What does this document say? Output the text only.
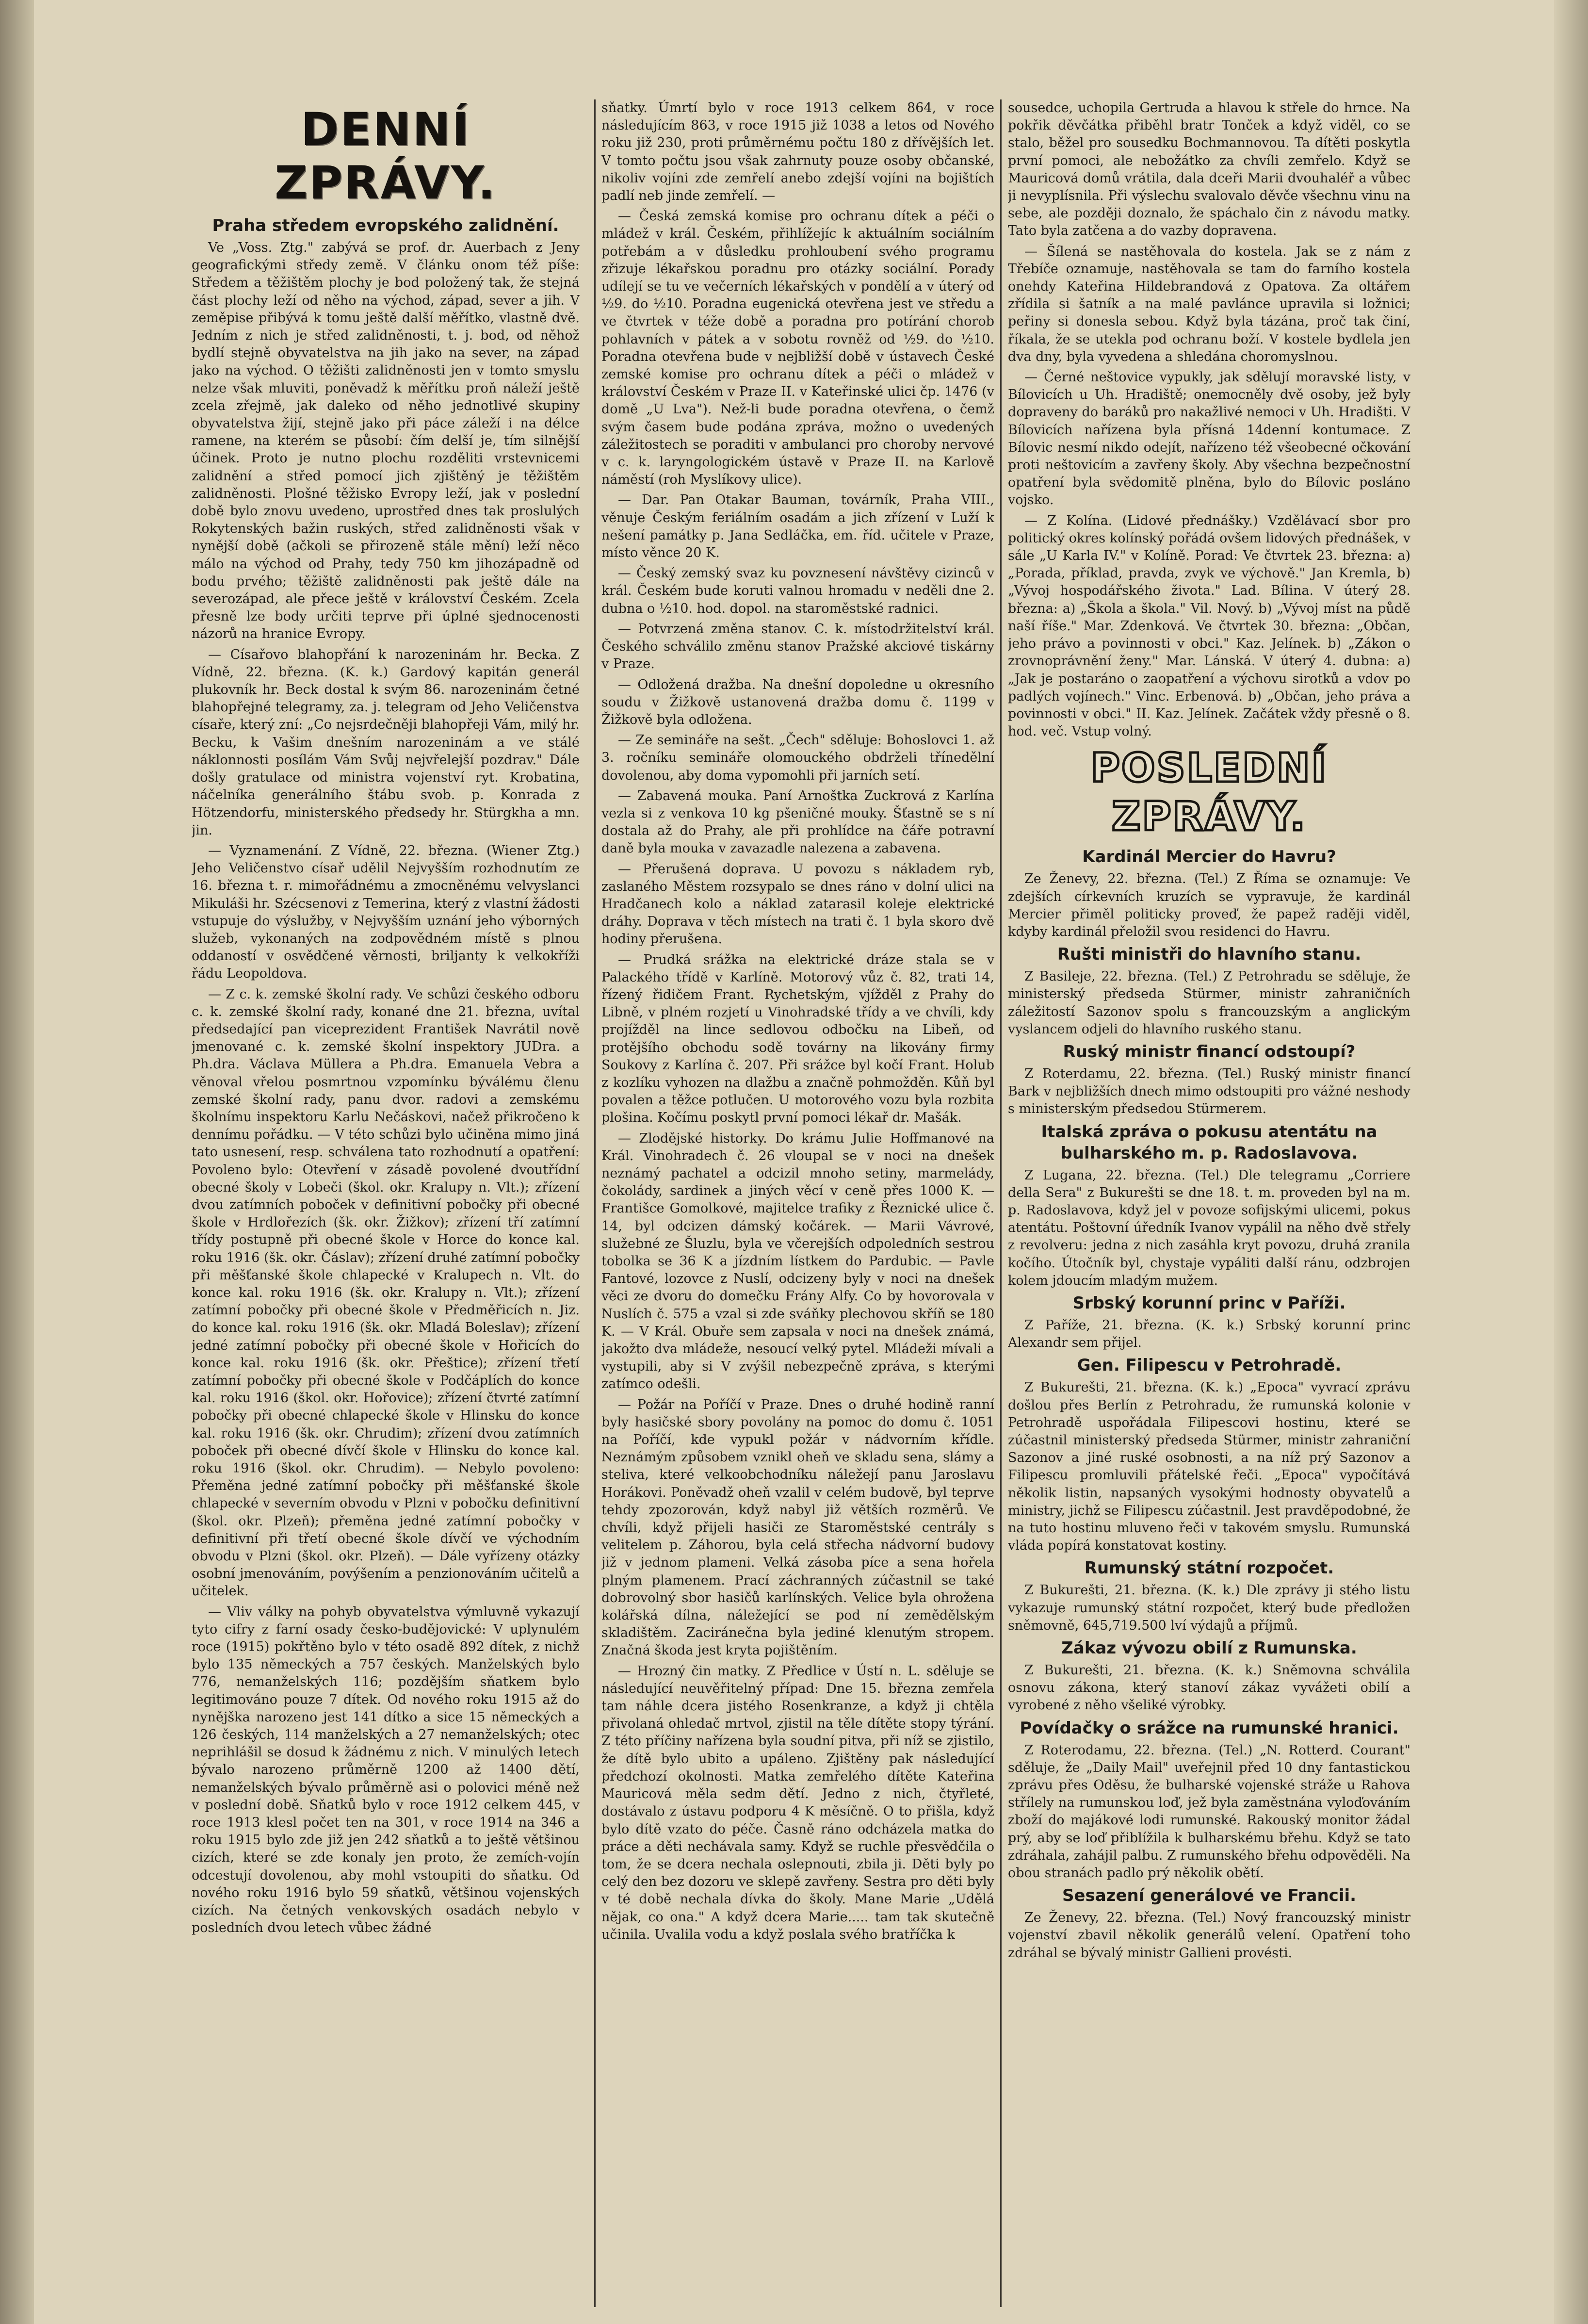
DENNÍ ZPRÁVY.
Praha středem evropského zalidnění.

Ve „Voss. Ztg." zabývá se prof. dr. Auerbach z Jeny geografickými středy země. V článku onom též píše: Středem a těžištěm plochy je bod položený tak, že stejná část plochy leží od něho na východ, západ, sever a jih. V zeměpise přibývá k tomu ještě další měřítko, vlastně dvě. Jedním z nich je střed zalidněnosti, t. j. bod, od něhož bydlí stejně obyvatelstva na jih jako na sever, na západ jako na východ. O těžišti zalidněnosti jen v tomto smyslu nelze však mluviti, poněvadž k měřítku proň náleží ještě zcela zřejmě, jak daleko od něho jednotlivé skupiny obyvatelstva žijí, stejně jako při páce záleží i na délce ramene, na kterém se působí: čím delší je, tím silnější účinek. Proto je nutno plochu rozděliti vrstevnicemi zalidnění a střed pomocí jich zjištěný je těžištěm zalidněnosti. Plošné těžisko Evropy leží, jak v poslední době bylo znovu uvedeno, uprostřed dnes tak proslulých Rokytenských bažin ruských, střed zalidněnosti však v nynější době (ačkoli se přirozeně stále mění) leží něco málo na východ od Prahy, tedy 750 km jihozápadně od bodu prvého; těžiště zalidněnosti pak ještě dále na severozápad, ale přece ještě v království Českém. Zcela přesně lze body určiti teprve při úplné sjednocenosti názorů na hranice Evropy.

— Císařovo blahopřání k narozeninám hr. Becka. Z Vídně, 22. března. (K. k.) Gardový kapitán generál plukovník hr. Beck dostal k svým 86. narozeninám četné blahopřejné telegramy, za. j. telegram od Jeho Veličenstva císaře, který zní: „Co nejsrdečněji blahopřeji Vám, milý hr. Becku, k Vašim dnešním narozeninám a ve stálé náklonnosti posílám Vám Svůj nejvřelejší pozdrav." Dále došly gratulace od ministra vojenství ryt. Krobatina, náčelníka generálního štábu svob. p. Konrada z Hötzendorfu, ministerského předsedy hr. Stürgkha a mn. jin.

— Vyznamenání. Z Vídně, 22. března. (Wiener Ztg.) Jeho Veličenstvo císař udělil Nejvyšším rozhodnutím ze 16. března t. r. mimořádnému a zmocněnému velvyslanci Mikuláši hr. Szécsenovi z Temerina, který z vlastní žádosti vstupuje do výslužby, v Nejvyšším uznání jeho výborných služeb, vykonaných na zodpovědném místě s plnou oddaností v osvědčené věrnosti, briljanty k velkokříži řádu Leopoldova.

— Z c. k. zemské školní rady. Ve schůzi českého odboru c. k. zemské školní rady, konané dne 21. března, uvítal předsedající pan viceprezident František Navrátil nově jmenované c. k. zemské školní inspektory JUDra. a Ph.dra. Václava Müllera a Ph.dra. Emanuela Vebra a věnoval vřelou posmrtnou vzpomínku býválému členu zemské školní rady, panu dvor. radovi a zemskému školnímu inspektoru Karlu Nečáskovi, načež přikročeno k dennímu pořádku. — V této schůzi bylo učiněna mimo jiná tato usnesení, resp. schválena tato rozhodnutí a opatření: Povoleno bylo: Otevření v zásadě povolené dvoutřídní obecné školy v Lobeči (škol. okr. Kralupy n. Vlt.); zřízení dvou zatímních poboček v definitivní pobočky při obecné škole v Hrdlořezích (šk. okr. Žižkov); zřízení tří zatímní třídy postupně při obecné škole v Horce do konce kal. roku 1916 (šk. okr. Čáslav); zřízení druhé zatímní pobočky při měšťanské škole chlapecké v Kralupech n. Vlt. do konce kal. roku 1916 (šk. okr. Kralupy n. Vlt.); zřízení zatímní pobočky při obecné škole v Předměřicích n. Jiz. do konce kal. roku 1916 (šk. okr. Mladá Boleslav); zřízení jedné zatímní pobočky při obecné škole v Hořicích do konce kal. roku 1916 (šk. okr. Přeštice); zřízení třetí zatímní pobočky při obecné škole v Podčáplích do konce kal. roku 1916 (škol. okr. Hořovice); zřízení čtvrté zatímní pobočky při obecné chlapecké škole v Hlinsku do konce kal. roku 1916 (šk. okr. Chrudim); zřízení dvou zatímních poboček při obecné dívčí škole v Hlinsku do konce kal. roku 1916 (škol. okr. Chrudim). — Nebylo povoleno: Přeměna jedné zatímní pobočky při měšťanské škole chlapecké v severním obvodu v Plzni v pobočku definitivní (škol. okr. Plzeň); přeměna jedné zatímní pobočky v definitivní při třetí obecné škole dívčí ve východním obvodu v Plzni (škol. okr. Plzeň). — Dále vyřízeny otázky osobní jmenováním, povýšením a penzionováním učitelů a učitelek.

— Vliv války na pohyb obyvatelstva výmluvně vykazují tyto cifry z farní osady česko-budějovické: V uplynulém roce (1915) pokřtěno bylo v této osadě 892 dítek, z nichž bylo 135 německých a 757 českých. Manželských bylo 776, nemanželských 116; pozdějším sňatkem bylo legitimováno pouze 7 dítek. Od nového roku 1915 až do nynějška narozeno jest 141 dítko a sice 15 německých a 126 českých, 114 manželských a 27 nemanželských; otec neprihlášil se dosud k žádnému z nich. V minulých letech bývalo narozeno průměrně 1200 až 1400 dětí, nemanželských bývalo průměrně asi o polovici méně než v poslední době. Sňatků bylo v roce 1912 celkem 445, v roce 1913 klesl počet ten na 301, v roce 1914 na 346 a roku 1915 bylo zde již jen 242 sňatků a to ještě většinou cizích, které se zde konaly jen proto, že zemích-vojín odcestují dovolenou, aby mohl vstoupiti do sňatku. Od nového roku 1916 bylo 59 sňatků, většinou vojenských cizích. Na četných venkovských osadách nebylo v posledních dvou letech vůbec žádné

sňatky. Úmrtí bylo v roce 1913 celkem 864, v roce následujícím 863, v roce 1915 již 1038 a letos od Nového roku již 230, proti průměrnému počtu 180 z dřívějších let. V tomto počtu jsou však zahrnuty pouze osoby občanské, nikoliv vojíni zde zemřelí anebo zdejší vojíni na bojištích padlí neb jinde zemřelí. —

— Česká zemská komise pro ochranu dítek a péči o mládež v král. Českém, přihlížejíc k aktuálním sociálním potřebám a v důsledku prohloubení svého programu zřizuje lékařskou poradnu pro otázky sociální. Porady udílejí se tu ve večerních lékařských v pondělí a v úterý od ½9. do ½10. Poradna eugenická otevřena jest ve středu a ve čtvrtek v téže době a poradna pro potírání chorob pohlavních v pátek a v sobotu rovněž od ½9. do ½10. Poradna otevřena bude v nejbližší době v ústavech České zemské komise pro ochranu dítek a péči o mládež v království Českém v Praze II. v Kateřinské ulici čp. 1476 (v domě „U Lva"). Než-li bude poradna otevřena, o čemž svým časem bude podána zpráva, možno o uvedených záležitostech se poraditi v ambulanci pro choroby nervové v c. k. laryngologickém ústavě v Praze II. na Karlově náměstí (roh Myslíkovy ulice).

— Dar. Pan Otakar Bauman, továrník, Praha VIII., věnuje Českým feriálním osadám a jich zřízení v Luží k nešení památky p. Jana Sedláčka, em. říd. učitele v Praze, místo věnce 20 K.

— Český zemský svaz ku povznesení návštěvy cizinců v král. Českém bude koruti valnou hromadu v neděli dne 2. dubna o ½10. hod. dopol. na staroměstské radnici.

— Potvrzená změna stanov. C. k. místodržitelství král. Českého schválilo změnu stanov Pražské akciové tiskárny v Praze.

— Odložená dražba. Na dnešní dopoledne u okresního soudu v Žižkově ustanovená dražba domu č. 1199 v Žižkově byla odložena.

— Ze semináře na sešt. „Čech" sděluje: Bohoslovci 1. až 3. ročníku semináře olomouckého obdrželi třínedělní dovolenou, aby doma vypomohli při jarních setí.

— Zabavená mouka. Paní Arnoštka Zuckrová z Karlína vezla si z venkova 10 kg pšeničné mouky. Šťastně se s ní dostala až do Prahy, ale při prohlídce na čáře potravní daně byla mouka v zavazadle nalezena a zabavena.

— Přerušená doprava. U povozu s nákladem ryb, zaslaného Městem rozsypalo se dnes ráno v dolní ulici na Hradčanech kolo a náklad zatarasil koleje elektrické dráhy. Doprava v těch místech na trati č. 1 byla skoro dvě hodiny přerušena.

— Prudká srážka na elektrické dráze stala se v Palackého třídě v Karlíně. Motorový vůz č. 82, trati 14, řízený řidičem Frant. Rychetským, vjížděl z Prahy do Libně, v plném rozjetí u Vinohradské třídy a ve chvíli, kdy projížděl na lince sedlovou odbočku na Libeň, od protějšího obchodu sodě továrny na likovány firmy Soukovy z Karlína č. 207. Při srážce byl kočí Frant. Holub z kozlíku vyhozen na dlažbu a značně pohmožděn. Kůň byl povalen a těžce potlučen. U motorového vozu byla rozbita plošina. Kočímu poskytl první pomoci lékař dr. Mašák.

— Zlodějské historky. Do krámu Julie Hoffmanové na Král. Vinohradech č. 26 vloupal se v noci na dnešek neznámý pachatel a odcizil mnoho setiny, marmelády, čokolády, sardinek a jiných věcí v ceně přes 1000 K. — Františce Gomolkové, majitelce trafiky z Řeznické ulice č. 14, byl odcizen dámský kočárek. — Marii Vávrové, služebné ze Šluzlu, byla ve včerejších odpoledních sestrou tobolka se 36 K a jízdním lístkem do Pardubic. — Pavle Fantové, lozovce z Nuslí, odcizeny byly v noci na dnešek věci ze dvoru do domečku Frány Alfy. Co by hovorovala v Nuslích č. 575 a vzal si zde sváňky plechovou skříň se 180 K. — V Král. Obuře sem zapsala v noci na dnešek známá, jakožto dva mládeže, nesoucí velký pytel. Mládeži mívali a vystupili, aby si V zvýšil nebezpečně zpráva, s kterými zatímco odešli.

— Požár na Poříčí v Praze. Dnes o druhé hodině ranní byly hasičské sbory povolány na pomoc do domu č. 1051 na Poříčí, kde vypukl požár v nádvorním křídle. Neznámým způsobem vznikl oheň ve skladu sena, slámy a steliva, které velkoobchodníku náležejí panu Jaroslavu Horákovi. Poněvadž oheň vzalil v celém budově, byl teprve tehdy zpozorován, když nabyl již větších rozměrů. Ve chvíli, když přijeli hasiči ze Staroměstské centrály s velitelem p. Záhorou, byla celá střecha nádvorní budovy již v jednom plameni. Velká zásoba píce a sena hořela plným plamenem. Prací záchranných zúčastnil se také dobrovolný sbor hasičů karlínských. Velice byla ohrožena kolářská dílna, náležející se pod ní zemědělským skladištěm. Zaciránečna byla jediné klenutým stropem. Značná škoda jest kryta pojištěním.

— Hrozný čin matky. Z Předlice v Ústí n. L. sděluje se následující neuvěřitelný případ: Dne 15. března zemřela tam náhle dcera jistého Rosenkranze, a když ji chtěla přivolaná ohledač mrtvol, zjistil na těle dítěte stopy týrání. Z této příčiny nařízena byla soudní pitva, při níž se zjistilo, že dítě bylo ubito a upáleno. Zjištěny pak následující předchozí okolnosti. Matka zemřelého dítěte Kateřina Mauricová měla sedm dětí. Jedno z nich, čtyřleté, dostávalo z ústavu podporu 4 K měsíčně. O to přišla, když bylo dítě vzato do péče. Časně ráno odcházela matka do práce a děti nechávala samy. Když se ruchle přesvědčila o tom, že se dcera nechala oslepnouti, zbila ji. Děti byly po celý den bez dozoru ve sklepě zavřeny. Sestra pro děti byly v té době nechala dívka do školy. Mane Marie „Udělá nějak, co ona." A když dcera Marie..... tam tak skutečně učinila. Uvalila vodu a když poslala svého bratříčka k

sousedce, uchopila Gertruda a hlavou k střele do hrnce. Na pokřik děvčátka přiběhl bratr Tonček a když viděl, co se stalo, běžel pro sousedku Bochmannovou. Ta dítěti poskytla první pomoci, ale nebožátko za chvíli zemřelo. Když se Mauricová domů vrátila, dala dceři Marii dvouhaléř a vůbec ji nevyplísnila. Při výslechu svalovalo děvče všechnu vinu na sebe, ale později doznalo, že spáchalo čin z návodu matky. Tato byla zatčena a do vazby dopravena.

— Šílená se nastěhovala do kostela. Jak se z nám z Třebíče oznamuje, nastěhovala se tam do farního kostela onehdy Kateřina Hildebrandová z Opatova. Za oltářem zřídila si šatník a na malé pavlánce upravila si ložnici; peřiny si donesla sebou. Když byla tázána, proč tak činí, říkala, že se utekla pod ochranu boží. V kostele bydlela jen dva dny, byla vyvedena a shledána choromyslnou.

— Černé neštovice vypukly, jak sdělují moravské listy, v Bílovicích u Uh. Hradiště; onemocněly dvě osoby, jež byly dopraveny do baráků pro nakažlivé nemoci v Uh. Hradišti. V Bílovicích nařízena byla přísná 14denní kontumace. Z Bílovic nesmí nikdo odejít, nařízeno též všeobecné očkování proti neštovicím a zavřeny školy. Aby všechna bezpečnostní opatření byla svědomitě plněna, bylo do Bílovic posláno vojsko.

— Z Kolína. (Lidové přednášky.) Vzdělávací sbor pro politický okres kolínský pořádá ovšem lidových přednášek, v sále „U Karla IV." v Kolíně. Porad: Ve čtvrtek 23. března: a) „Porada, příklad, pravda, zvyk ve výchově." Jan Kremla, b) „Vývoj hospodářského života." Lad. Bílina. V úterý 28. března: a) „Škola a škola." Vil. Nový. b) „Vývoj míst na půdě naší říše." Mar. Zdenková. Ve čtvrtek 30. března: „Občan, jeho právo a povinnosti v obci." Kaz. Jelínek. b) „Zákon o zrovnoprávnění ženy." Mar. Lánská. V úterý 4. dubna: a) „Jak je postaráno o zaopatření a výchovu sirotků a vdov po padlých vojínech." Vinc. Erbenová. b) „Občan, jeho práva a povinnosti v obci." II. Kaz. Jelínek. Začátek vždy přesně o 8. hod. več. Vstup volný.

POSLEDNÍ ZPRÁVY.
Kardinál Mercier do Havru?

Ze Ženevy, 22. března. (Tel.) Z Říma se oznamuje: Ve zdejších církevních kruzích se vypravuje, že kardinál Mercier přiměl politicky proveď, že papež raději viděl, kdyby kardinál přeložil svou residenci do Havru.

Rušti ministři do hlavního stanu.

Z Basileje, 22. března. (Tel.) Z Petrohradu se sděluje, že ministerský předseda Stürmer, ministr zahraničních záležitostí Sazonov spolu s francouzským a anglickým vyslancem odjeli do hlavního ruského stanu.

Ruský ministr financí odstoupí?

Z Roterdamu, 22. března. (Tel.) Ruský ministr financí Bark v nejbližších dnech mimo odstoupiti pro vážné neshody s ministerským předsedou Stürmerem.

Italská zpráva o pokusu atentátu na bulharského m. p. Radoslavova.

Z Lugana, 22. března. (Tel.) Dle telegramu „Corriere della Sera" z Bukurešti se dne 18. t. m. proveden byl na m. p. Radoslavova, když jel v povoze sofijskými ulicemi, pokus atentátu. Poštovní úředník Ivanov vypálil na něho dvě střely z revolveru: jedna z nich zasáhla kryt povozu, druhá zranila kočího. Útočník byl, chystaje vypáliti další ránu, odzbrojen kolem jdoucím mladým mužem.

Srbský korunní princ v Paříži.

Z Paříže, 21. března. (K. k.) Srbský korunní princ Alexandr sem přijel.

Gen. Filipescu v Petrohradě.

Z Bukurešti, 21. března. (K. k.) „Epoca" vyvrací zprávu došlou přes Berlín z Petrohradu, že rumunská kolonie v Petrohradě uspořádala Filipescovi hostinu, které se zúčastnil ministerský předseda Stürmer, ministr zahraniční Sazonov a jiné ruské osobnosti, a na níž prý Sazonov a Filipescu promluvili přátelské řeči. „Epoca" vypočítává několik listin, napsaných vysokými hodnosty obyvatelů a ministry, jichž se Filipescu zúčastnil. Jest pravděpodobné, že na tuto hostinu mluveno řeči v takovém smyslu. Rumunská vláda popírá konstatovat kostiny.

Rumunský státní rozpočet.

Z Bukurešti, 21. března. (K. k.) Dle zprávy ji stého listu vykazuje rumunský státní rozpočet, který bude předložen sněmovně, 645,719.500 lví výdajů a příjmů.

Zákaz vývozu obilí z Rumunska.

Z Bukurešti, 21. března. (K. k.) Sněmovna schválila osnovu zákona, který stanoví zákaz vyvážeti obilí a vyrobené z něho všeliké výrobky.

Povídačky o srážce na rumunské hranici.

Z Roterodamu, 22. března. (Tel.) „N. Rotterd. Courant" sděluje, že „Daily Mail" uveřejnil před 10 dny fantastickou zprávu přes Oděsu, že bulharské vojenské stráže u Rahova střílely na rumunskou loď, jež byla zaměstnána vyloďováním zboží do majákové lodi rumunské. Rakouský monitor žádal prý, aby se loď přiblížila k bulharskému břehu. Když se tato zdráhala, zahájil palbu. Z rumunského břehu odpověděli. Na obou stranách padlo prý několik obětí.

Sesazení generálové ve Francii.

Ze Ženevy, 22. března. (Tel.) Nový francouzský ministr vojenství zbavil několik generálů velení. Opatření toho zdráhal se bývalý ministr Gallieni provésti.
